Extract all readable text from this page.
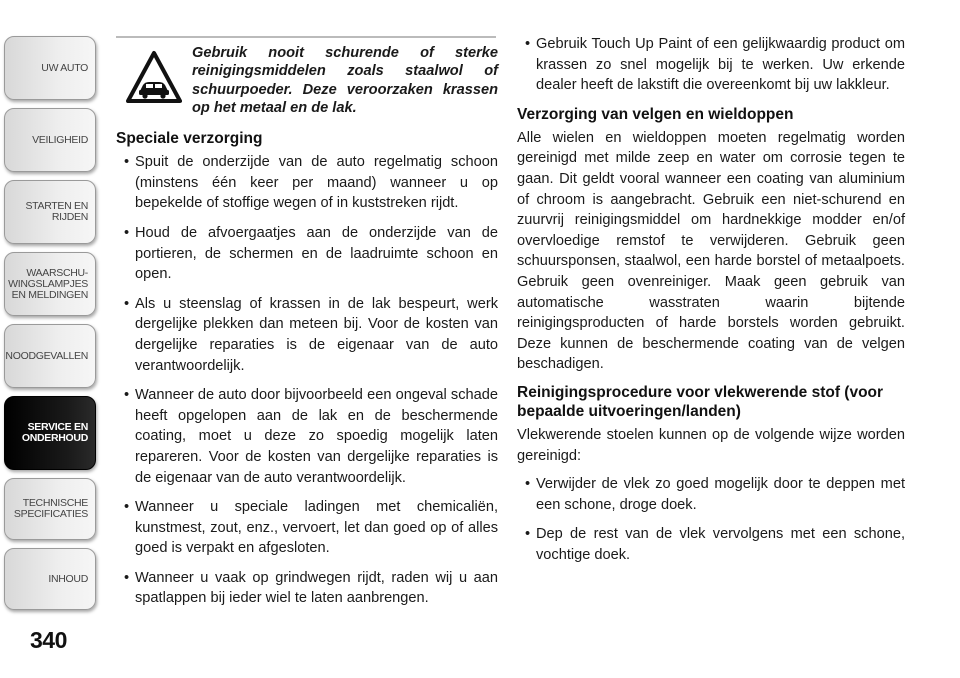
UW AUTO
VEILIGHEID
STARTEN EN
RIJDEN
WAARSCHU-
WINGSLAMPJES
EN MELDINGEN
NOODGEVALLEN
SERVICE EN
ONDERHOUD
TECHNISCHE
SPECIFICATIES
INHOUD
340

Gebruik nooit schurende of sterke reinigingsmiddelen zoals staalwol of schuurpoeder. Deze veroorzaken krassen op het metaal en de lak.

Speciale verzorging
• Spuit de onderzijde van de auto regelmatig schoon (minstens één keer per maand) wanneer u op bepekelde of stoffige wegen of in kuststreken rijdt.
• Houd de afvoergaatjes aan de onderzijde van de portieren, de schermen en de laadruimte schoon en open.
• Als u steenslag of krassen in de lak bespeurt, werk dergelijke plekken dan meteen bij. Voor de kosten van dergelijke reparaties is de eigenaar van de auto verantwoordelijk.
• Wanneer de auto door bijvoorbeeld een ongeval schade heeft opgelopen aan de lak en de beschermende coating, moet u deze zo spoedig mogelijk laten repareren. Voor de kosten van dergelijke reparaties is de eigenaar van de auto verantwoordelijk.
• Wanneer u speciale ladingen met chemicaliën, kunstmest, zout, enz., vervoert, let dan goed op of alles goed is verpakt en afgesloten.
• Wanneer u vaak op grindwegen rijdt, raden wij u aan spatlappen bij ieder wiel te laten aanbrengen.
• Gebruik Touch Up Paint of een gelijkwaardig product om krassen zo snel mogelijk bij te werken. Uw erkende dealer heeft de lakstift die overeenkomt bij uw lakkleur.
Verzorging van velgen en wieldoppen

Alle wielen en wieldoppen moeten regelmatig worden gereinigd met milde zeep en water om corrosie tegen te gaan. Dit geldt vooral wanneer een coating van aluminium of chroom is aangebracht. Gebruik een niet-schurend en zuurvrij reinigingsmiddel om hardnekkige modder en/of overvloedige remstof te verwijderen. Gebruik geen schuursponsen, staalwol, een harde borstel of metaalpoets. Gebruik geen ovenreiniger. Maak geen gebruik van automatische wasstraten waarin bijtende reinigingsproducten of harde borstels worden gebruikt. Deze kunnen de beschermende coating van de velgen beschadigen.

Reinigingsprocedure voor vlekwerende stof (voor bepaalde uitvoeringen/landen)

Vlekwerende stoelen kunnen op de volgende wijze worden gereinigd:

• Verwijder de vlek zo goed mogelijk door te deppen met een schone, droge doek.
• Dep de rest van de vlek vervolgens met een schone, vochtige doek.
